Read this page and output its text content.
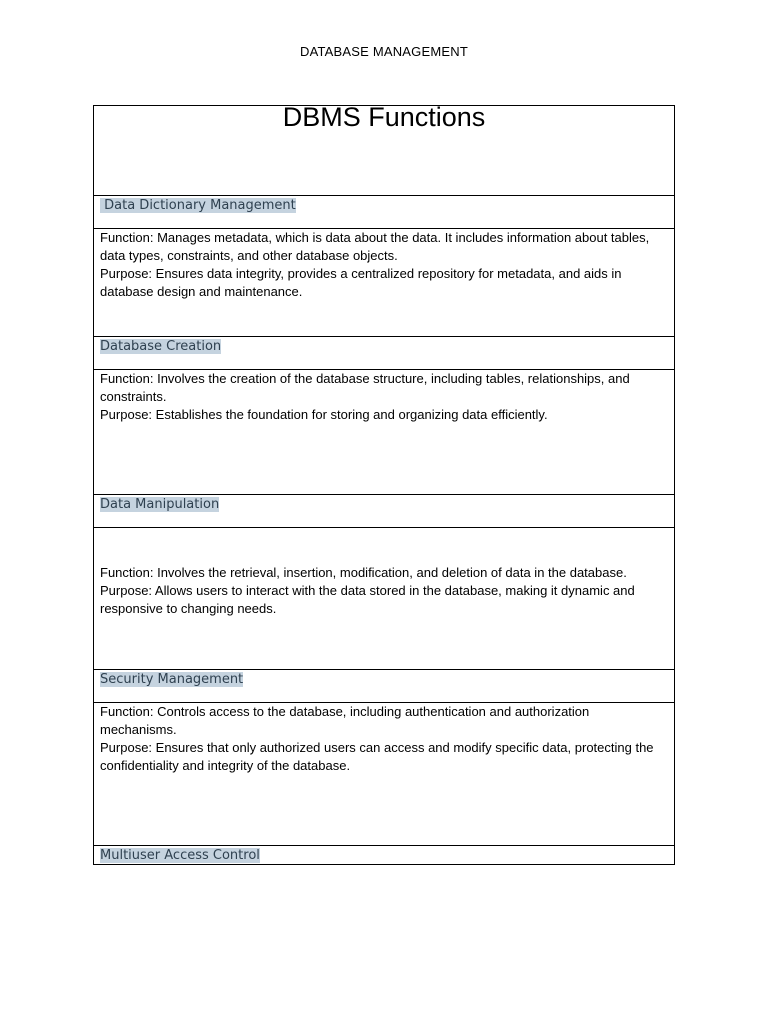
DATABASE MANAGEMENT
DBMS Functions
Data Dictionary Management

Function: Manages metadata, which is data about the data. It includes information about tables, data types, constraints, and other database objects.
Purpose: Ensures data integrity, provides a centralized repository for metadata, and aids in database design and maintenance.

Database Creation

Function: Involves the creation of the database structure, including tables, relationships, and constraints.
Purpose: Establishes the foundation for storing and organizing data efficiently.

Data Manipulation

Function: Involves the retrieval, insertion, modification, and deletion of data in the database.
Purpose: Allows users to interact with the data stored in the database, making it dynamic and responsive to changing needs.

Security Management

Function: Controls access to the database, including authentication and authorization mechanisms.
Purpose: Ensures that only authorized users can access and modify specific data, protecting the confidentiality and integrity of the database.

Multiuser Access Control
